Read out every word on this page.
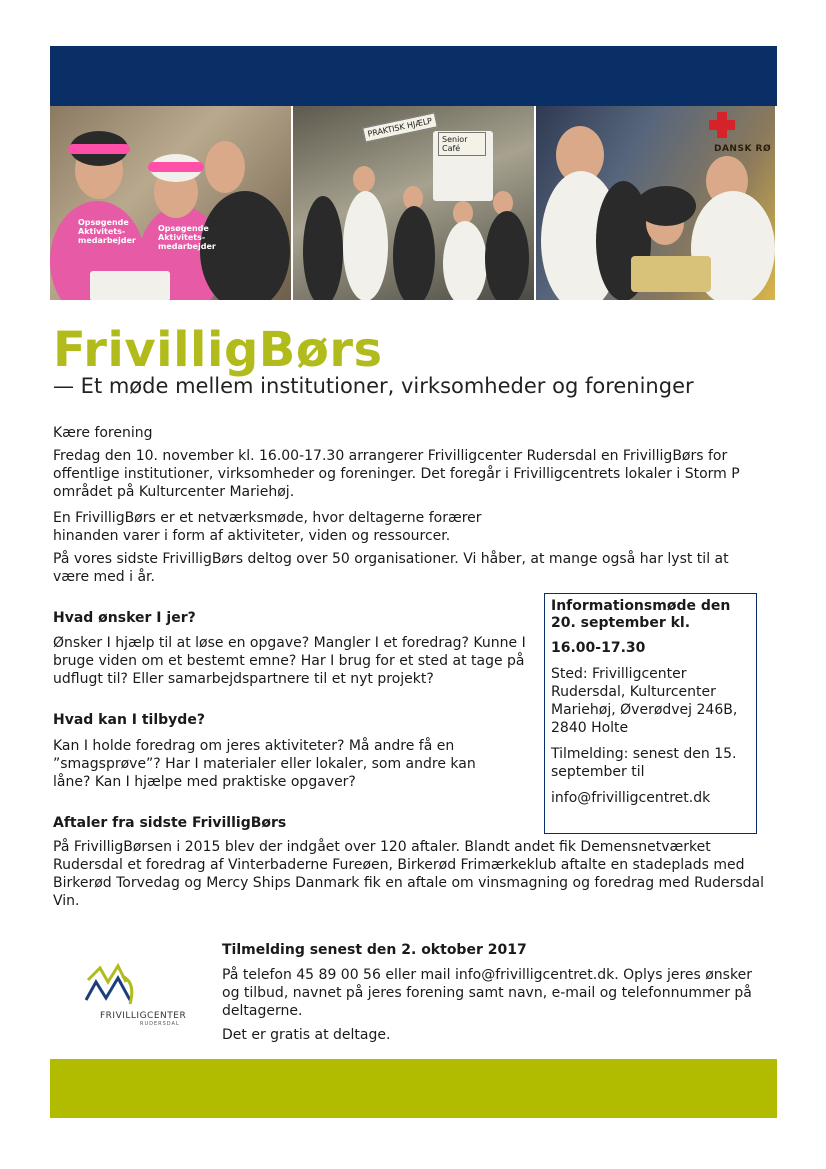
Opsøgende Aktivitets- medarbejder
Opsøgende Aktivitets- medarbejder
PRAKTISK HJÆLP
Senior Café	DANSK RØ
FrivilligBørs

— Et møde mellem institutioner, virksomheder og foreninger

Kære forening

Fredag den 10. november kl. 16.00-17.30 arrangerer Frivilligcenter Rudersdal en FrivilligBørs for offentlige institutioner, virksomheder og foreninger. Det foregår i Frivilligcentrets lokaler i Storm P området på Kulturcenter Mariehøj.

En FrivilligBørs er et netværksmøde, hvor deltagerne forærer hinanden varer i form af aktiviteter, viden og ressourcer.

På vores sidste FrivilligBørs deltog over 50 organisationer. Vi håber, at mange også har lyst til at være med i år.

Hvad ønsker I jer?

Ønsker I hjælp til at løse en opgave? Mangler I et foredrag? Kunne I bruge viden om et bestemt emne? Har I brug for et sted at tage på udflugt til? Eller samarbejdspartnere til et nyt projekt?

Hvad kan I tilbyde?

Kan I holde foredrag om jeres aktiviteter? Må andre få en ”smagsprøve”? Har I materialer eller lokaler, som andre kan låne? Kan I hjælpe med praktiske opgaver?

Informationsmøde den 20. september kl.

16.00-17.30

Sted: Frivilligcenter Rudersdal, Kulturcenter Mariehøj, Øverødvej 246B, 2840 Holte

Tilmelding: senest den 15. september til

info@frivilligcentret.dk

Aftaler fra sidste FrivilligBørs

På FrivilligBørsen i 2015 blev der indgået over 120 aftaler. Blandt andet fik Demensnetværket Rudersdal et foredrag af Vinterbaderne Fureøen, Birkerød Frimærkeklub aftalte en stadeplads med Birkerød Torvedag og Mercy Ships Danmark fik en aftale om vinsmagning og foredrag med Rudersdal Vin.

FRIVILLIGCENTER
RUDERSDAL

Tilmelding senest den 2. oktober 2017

På telefon 45 89 00 56 eller mail info@frivilligcentret.dk. Oplys jeres ønsker og tilbud, navnet på jeres forening samt navn, e-mail og telefonnummer på deltagerne.

Det er gratis at deltage.
